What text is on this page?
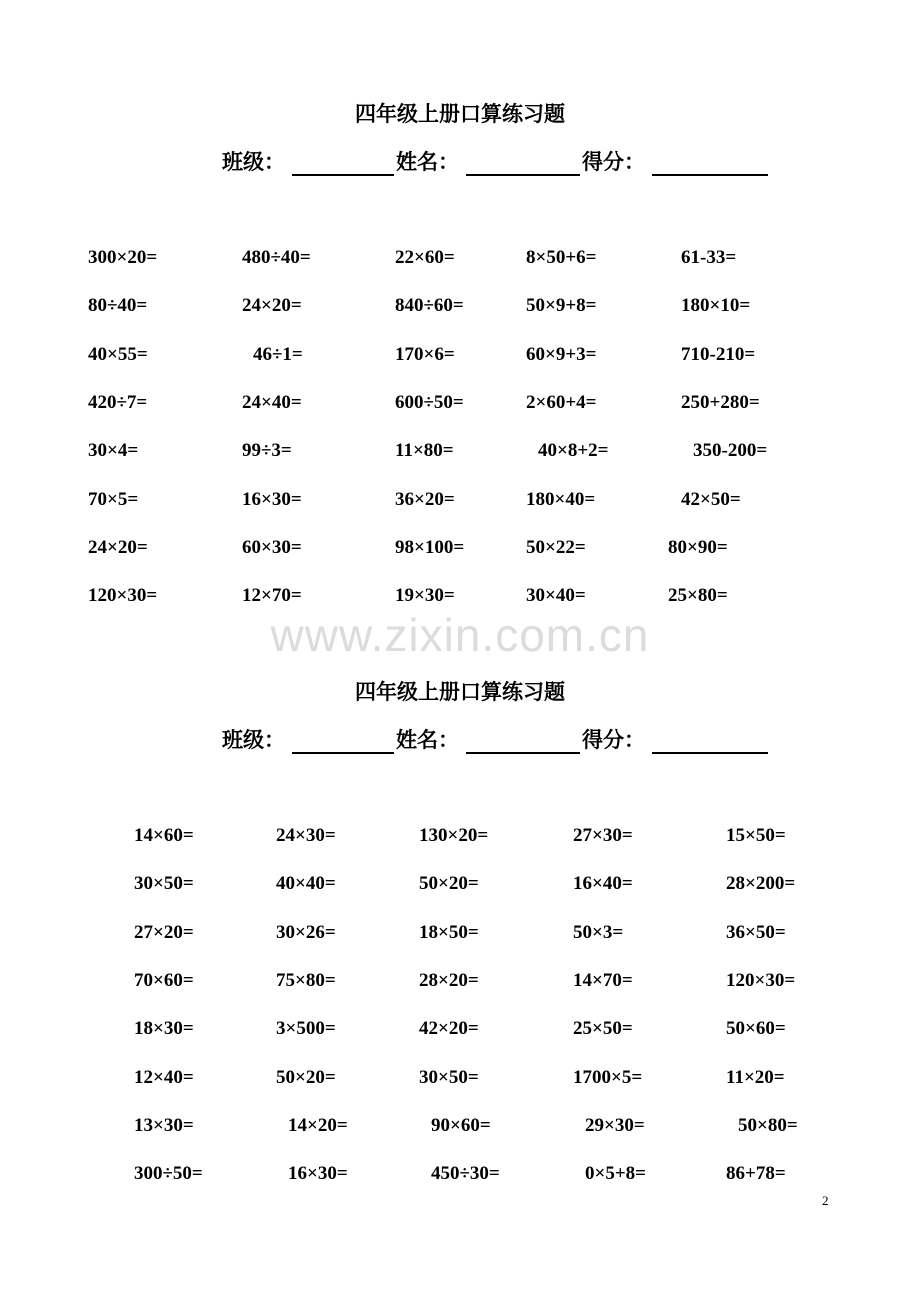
四年级上册口算练习题
班级：	姓名：	得分：
300×20=	480÷40=	22×60=	8×50+6=	61-33=
80÷40=	24×20=	840÷60=	50×9+8=	180×10=
40×55=	46÷1=	170×6=	60×9+3=	710-210=
420÷7=	24×40=	600÷50=	2×60+4=	250+280=
30×4=	99÷3=	11×80=	40×8+2=	350-200=
70×5=	16×30=	36×20=	180×40=	42×50=
24×20=	60×30=	98×100=	50×22=	80×90=
120×30=	12×70=	19×30=	30×40=	25×80=
www.zixin.com.cn
四年级上册口算练习题
班级：	姓名：	得分：
14×60=	24×30=	130×20=	27×30=	15×50=
30×50=	40×40=	50×20=	16×40=	28×200=
27×20=	30×26=	18×50=	50×3=	36×50=
70×60=	75×80=	28×20=	14×70=	120×30=
18×30=	3×500=	42×20=	25×50=	50×60=
12×40=	50×20=	30×50=	1700×5=	11×20=
13×30=	14×20=	90×60=	29×30=	50×80=
300÷50=	16×30=	450÷30=	0×5+8=	86+78=
2
